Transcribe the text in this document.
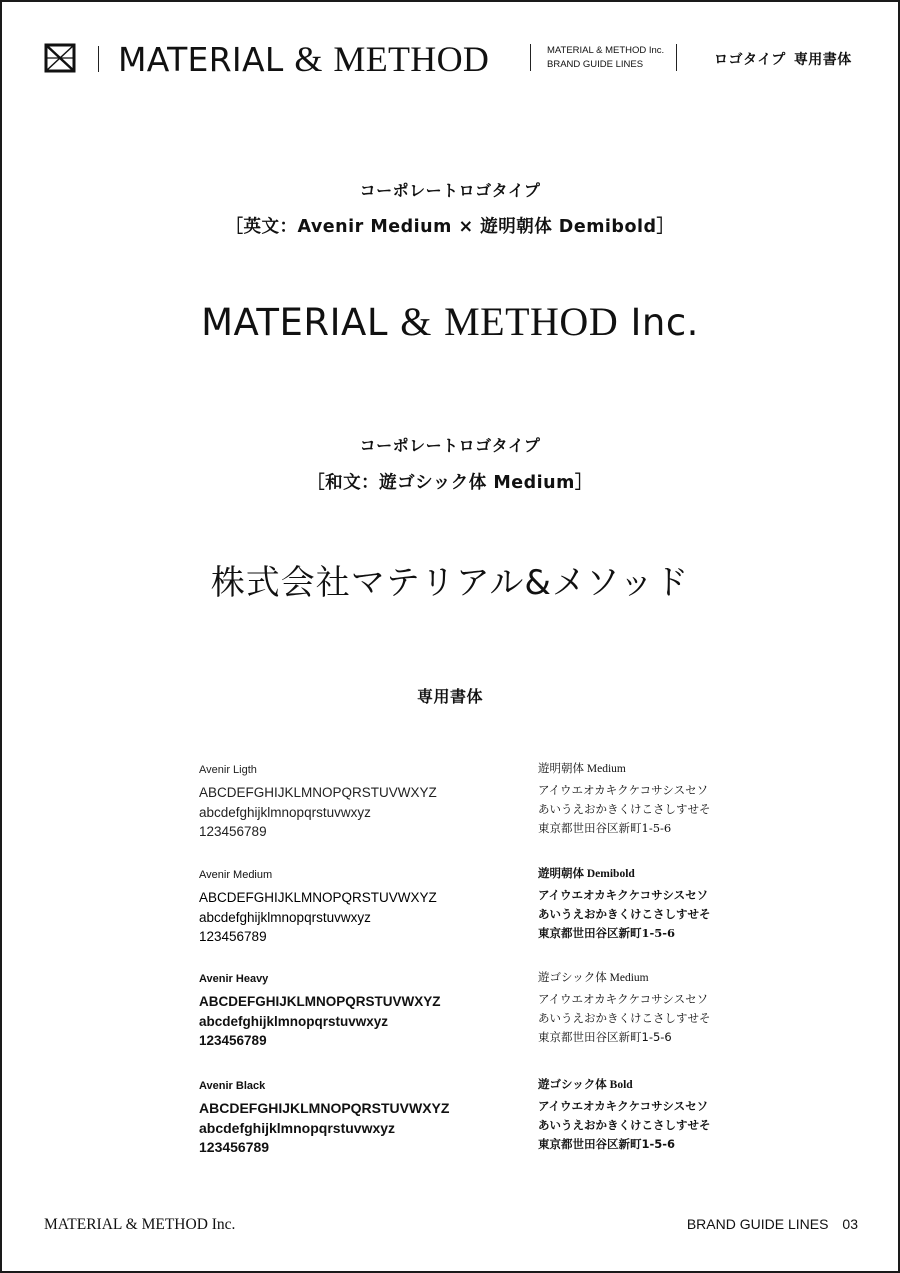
MATERIAL & METHOD	MATERIAL & METHOD Inc.
BRAND GUIDE LINES	ロゴタイプ 専用書体
コーポレートロゴタイプ
［英文：Avenir Medium × 遊明朝体 Demibold］
MATERIAL & METHOD Inc.
コーポレートロゴタイプ
［和文：遊ゴシック体 Medium］
株式会社マテリアル&メソッド
専用書体
Avenir Ligth
ABCDEFGHIJKLMNOPQRSTUVWXYZ
abcdefghijklmnopqrstuvwxyz
123456789
Avenir Medium
ABCDEFGHIJKLMNOPQRSTUVWXYZ
abcdefghijklmnopqrstuvwxyz
123456789
Avenir Heavy
ABCDEFGHIJKLMNOPQRSTUVWXYZ
abcdefghijklmnopqrstuvwxyz
123456789
Avenir Black
ABCDEFGHIJKLMNOPQRSTUVWXYZ
abcdefghijklmnopqrstuvwxyz
123456789
遊明朝体 Medium
アイウエオカキクケコサシスセソ
あいうえおかきくけこさしすせそ
東京都世田谷区新町1-5-6
遊明朝体 Demibold
アイウエオカキクケコサシスセソ
あいうえおかきくけこさしすせそ
東京都世田谷区新町1-5-6
遊ゴシック体 Medium
アイウエオカキクケコサシスセソ
あいうえおかきくけこさしすせそ
東京都世田谷区新町1-5-6
遊ゴシック体 Bold
アイウエオカキクケコサシスセソ
あいうえおかきくけこさしすせそ
東京都世田谷区新町1-5-6
MATERIAL & METHOD Inc.	BRAND GUIDE LINES 03
